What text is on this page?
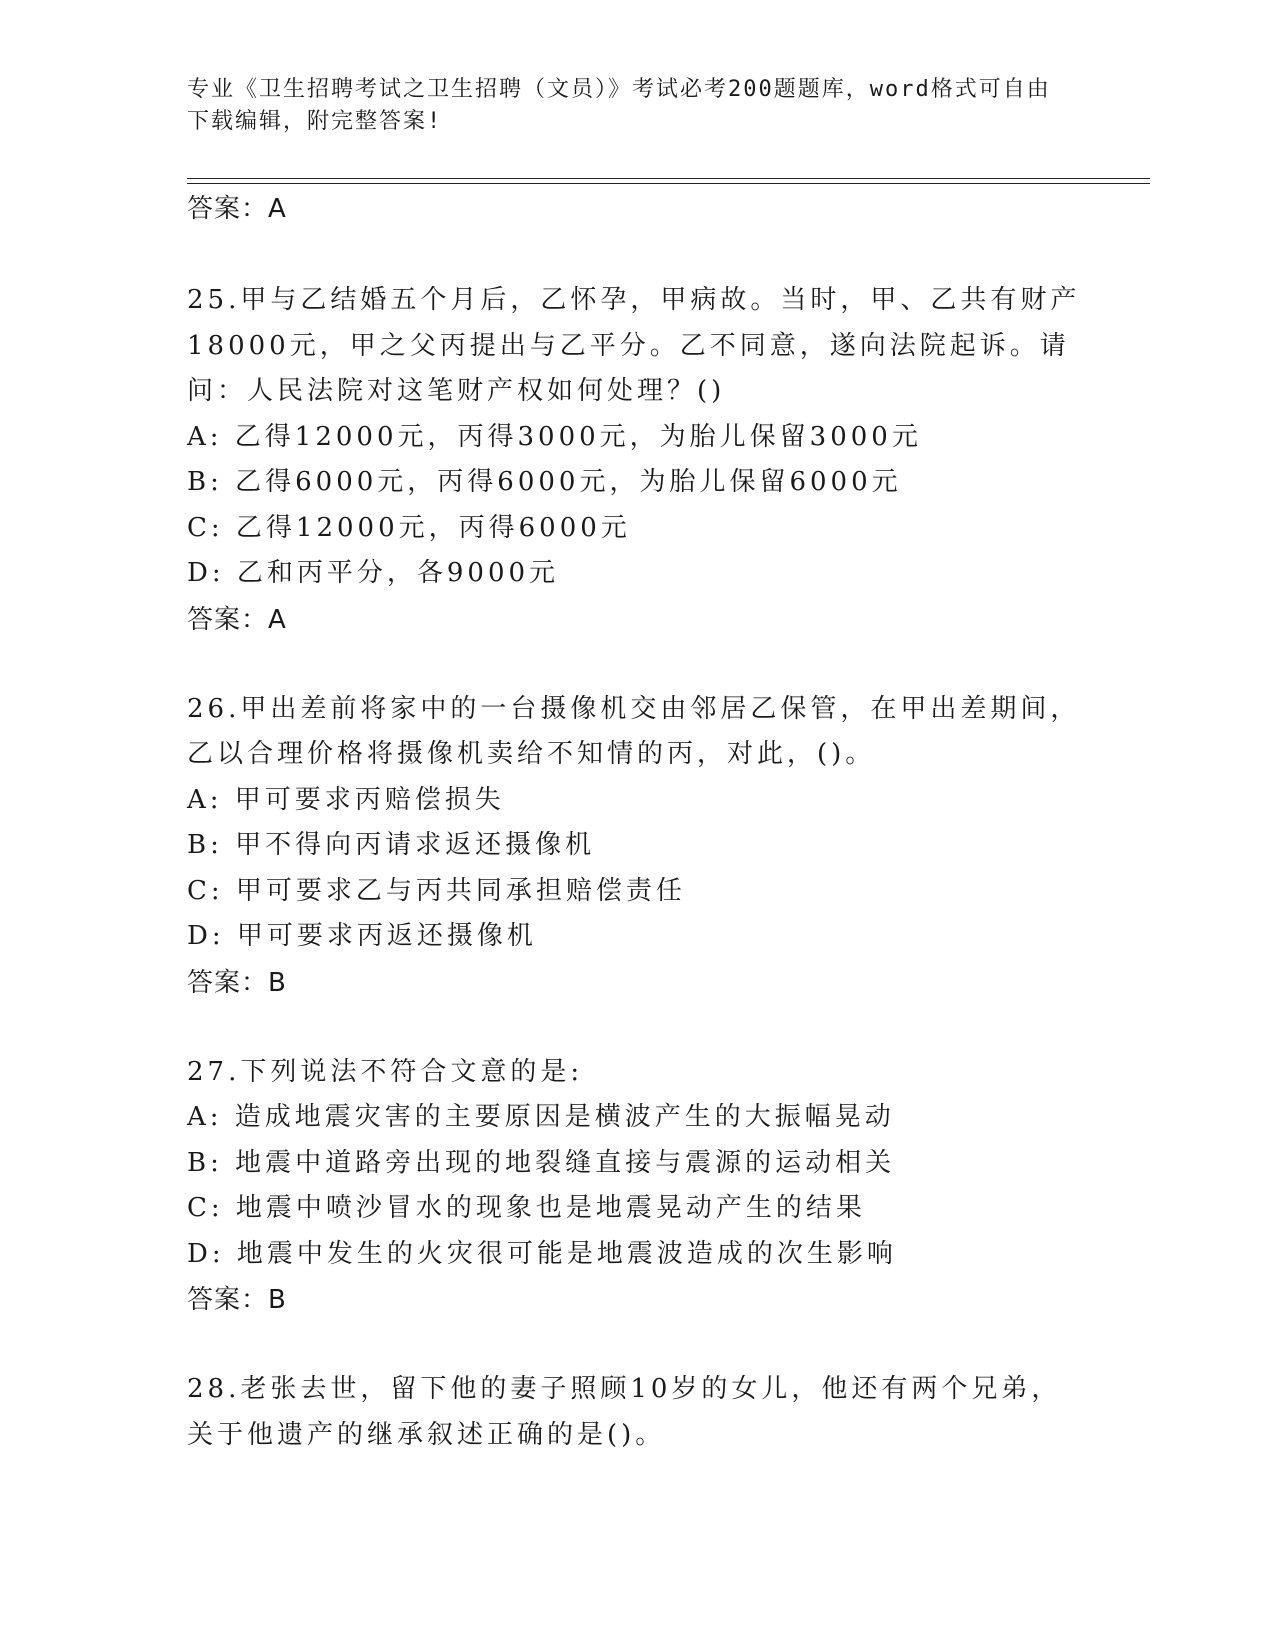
专业《卫生招聘考试之卫生招聘（文员）》考试必考200题题库，word格式可自由下载编辑，附完整答案!
答案：A

25.甲与乙结婚五个月后，乙怀孕，甲病故。当时，甲、乙共有财产18000元，甲之父丙提出与乙平分。乙不同意，遂向法院起诉。请问：人民法院对这笔财产权如何处理？()

A: 乙得12000元，丙得3000元，为胎儿保留3000元
B: 乙得6000元，丙得6000元，为胎儿保留6000元
C: 乙得12000元，丙得6000元
D: 乙和丙平分，各9000元
答案：A

26.甲出差前将家中的一台摄像机交由邻居乙保管，在甲出差期间，乙以合理价格将摄像机卖给不知情的丙，对此，()。

A: 甲可要求丙赔偿损失
B: 甲不得向丙请求返还摄像机
C: 甲可要求乙与丙共同承担赔偿责任
D: 甲可要求丙返还摄像机
答案：B

27.下列说法不符合文意的是:

A: 造成地震灾害的主要原因是横波产生的大振幅晃动
B: 地震中道路旁出现的地裂缝直接与震源的运动相关
C: 地震中喷沙冒水的现象也是地震晃动产生的结果
D: 地震中发生的火灾很可能是地震波造成的次生影响
答案：B

28.老张去世，留下他的妻子照顾10岁的女儿，他还有两个兄弟，关于他遗产的继承叙述正确的是()。
